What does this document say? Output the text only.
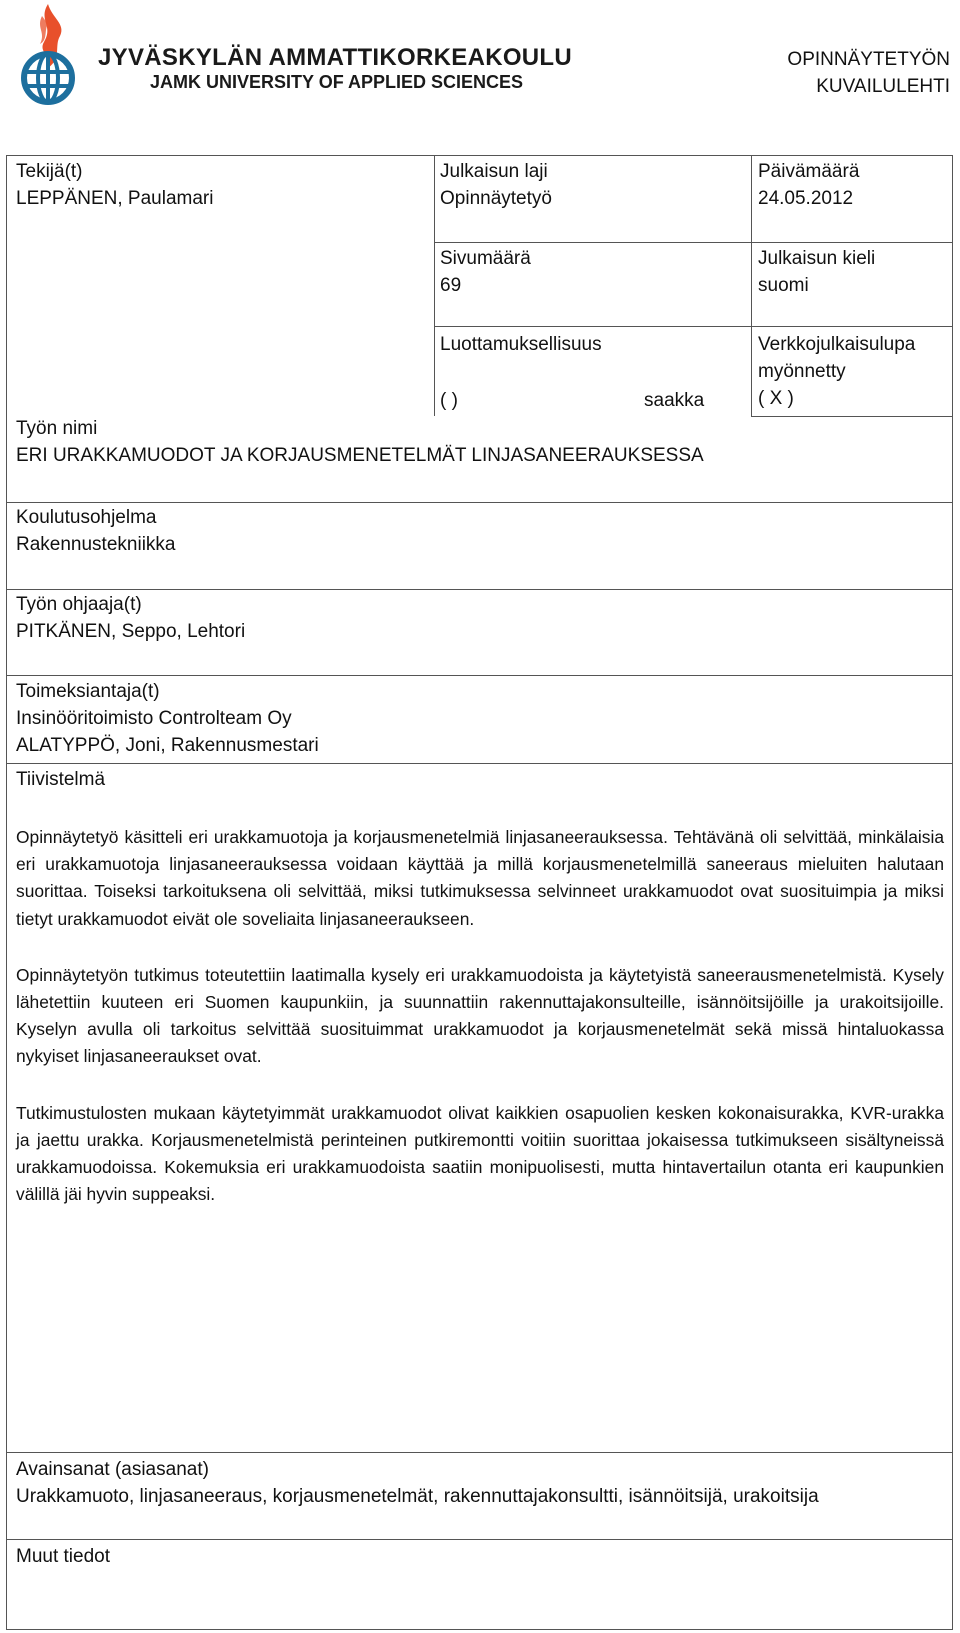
JYVÄSKYLÄN AMMATTIKORKEAKOULU
JAMK UNIVERSITY OF APPLIED SCIENCES
OPINNÄYTETYÖN
KUVAILULEHTI
Tekijä(t)
LEPPÄNEN, Paulamari
Julkaisun laji
Opinnäytetyö
Päivämäärä
24.05.2012
Sivumäärä
69
Julkaisun kieli
suomi
Luottamuksellisuus
( )	saakka
Verkkojulkaisulupa
myönnetty
( X )
Työn nimi
ERI URAKKAMUODOT JA KORJAUSMENETELMÄT LINJASANEERAUKSESSA
Koulutusohjelma
Rakennustekniikka
Työn ohjaaja(t)
PITKÄNEN, Seppo, Lehtori
Toimeksiantaja(t)
Insinööritoimisto Controlteam Oy
ALATYPPÖ, Joni, Rakennusmestari
Tiivistelmä

Opinnäytetyö käsitteli eri urakkamuotoja ja korjausmenetelmiä linjasaneerauksessa. Tehtävänä oli selvittää, minkälaisia eri urakkamuotoja linjasaneerauksessa voidaan käyttää ja millä korjausmenetelmillä saneeraus mieluiten halutaan suorittaa. Toiseksi tarkoituksena oli selvittää, miksi tutkimuksessa selvinneet urakkamuodot ovat suosituimpia ja miksi tietyt urakkamuodot eivät ole soveliaita linjasaneeraukseen.

Opinnäytetyön tutkimus toteutettiin laatimalla kysely eri urakkamuodoista ja käytetyistä saneerausmenetelmistä. Kysely lähetettiin kuuteen eri Suomen kaupunkiin, ja suunnattiin rakennuttajakonsulteille, isännöitsijöille ja urakoitsijoille. Kyselyn avulla oli tarkoitus selvittää suosituimmat urakkamuodot ja korjausmenetelmät sekä missä hintaluokassa nykyiset linjasaneeraukset ovat.

Tutkimustulosten mukaan käytetyimmät urakkamuodot olivat kaikkien osapuolien kesken kokonaisurakka, KVR-urakka ja jaettu urakka. Korjausmenetelmistä perinteinen putkiremontti voitiin suorittaa jokaisessa tutkimukseen sisältyneissä urakkamuodoissa. Kokemuksia eri urakkamuodoista saatiin monipuolisesti, mutta hintavertailun otanta eri kaupunkien välillä jäi hyvin suppeaksi.

Avainsanat (asiasanat)
Urakkamuoto, linjasaneeraus, korjausmenetelmät, rakennuttajakonsultti, isännöitsijä, urakoitsija
Muut tiedot
